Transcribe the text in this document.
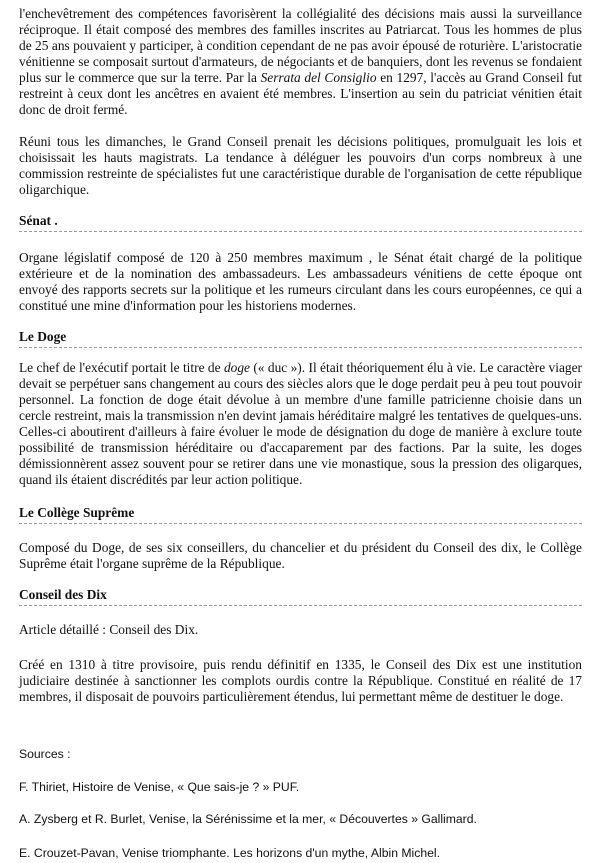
l'enchevêtrement des compétences favorisèrent la collégialité des décisions mais aussi la surveillance réciproque. Il était composé des membres des familles inscrites au Patriarcat. Tous les hommes de plus de 25 ans pouvaient y participer, à condition cependant de ne pas avoir épousé de roturière. L'aristocratie vénitienne se composait surtout d'armateurs, de négociants et de banquiers, dont les revenus se fondaient plus sur le commerce que sur la terre. Par la Serrata del Consiglio en 1297, l'accès au Grand Conseil fut restreint à ceux dont les ancêtres en avaient été membres. L'insertion au sein du patriciat vénitien était donc de droit fermé.

Réuni tous les dimanches, le Grand Conseil prenait les décisions politiques, promulguait les lois et choisissait les hauts magistrats. La tendance à déléguer les pouvoirs d'un corps nombreux à une commission restreinte de spécialistes fut une caractéristique durable de l'organisation de cette république oligarchique.

Sénat .

Organe législatif composé de 120 à 250 membres maximum , le Sénat était chargé de la politique extérieure et de la nomination des ambassadeurs. Les ambassadeurs vénitiens de cette époque ont envoyé des rapports secrets sur la politique et les rumeurs circulant dans les cours européennes, ce qui a constitué une mine d'information pour les historiens modernes.

Le Doge

Le chef de l'exécutif portait le titre de doge (« duc »). Il était théoriquement élu à vie. Le caractère viager devait se perpétuer sans changement au cours des siècles alors que le doge perdait peu à peu tout pouvoir personnel. La fonction de doge était dévolue à un membre d'une famille patricienne choisie dans un cercle restreint, mais la transmission n'en devint jamais héréditaire malgré les tentatives de quelques-uns. Celles-ci aboutirent d'ailleurs à faire évoluer le mode de désignation du doge de manière à exclure toute possibilité de transmission héréditaire ou d'accaparement par des factions. Par la suite, les doges démissionnèrent assez souvent pour se retirer dans une vie monastique, sous la pression des oligarques, quand ils étaient discrédités par leur action politique.

Le Collège Suprême

Composé du Doge, de ses six conseillers, du chancelier et du président du Conseil des dix, le Collège Suprême était l'organe suprême de la République.

Conseil des Dix

Article détaillé : Conseil des Dix.

Créé en 1310 à titre provisoire, puis rendu définitif en 1335, le Conseil des Dix est une institution judiciaire destinée à sanctionner les complots ourdis contre la République. Constitué en réalité de 17 membres, il disposait de pouvoirs particulièrement étendus, lui permettant même de destituer le doge.

Sources :

F. Thiriet, Histoire de Venise, « Que sais-je ? » PUF.

A. Zysberg et R. Burlet, Venise, la Sérénissime et la mer, « Découvertes » Gallimard.

E. Crouzet-Pavan, Venise triomphante. Les horizons d'un mythe, Albin Michel.
